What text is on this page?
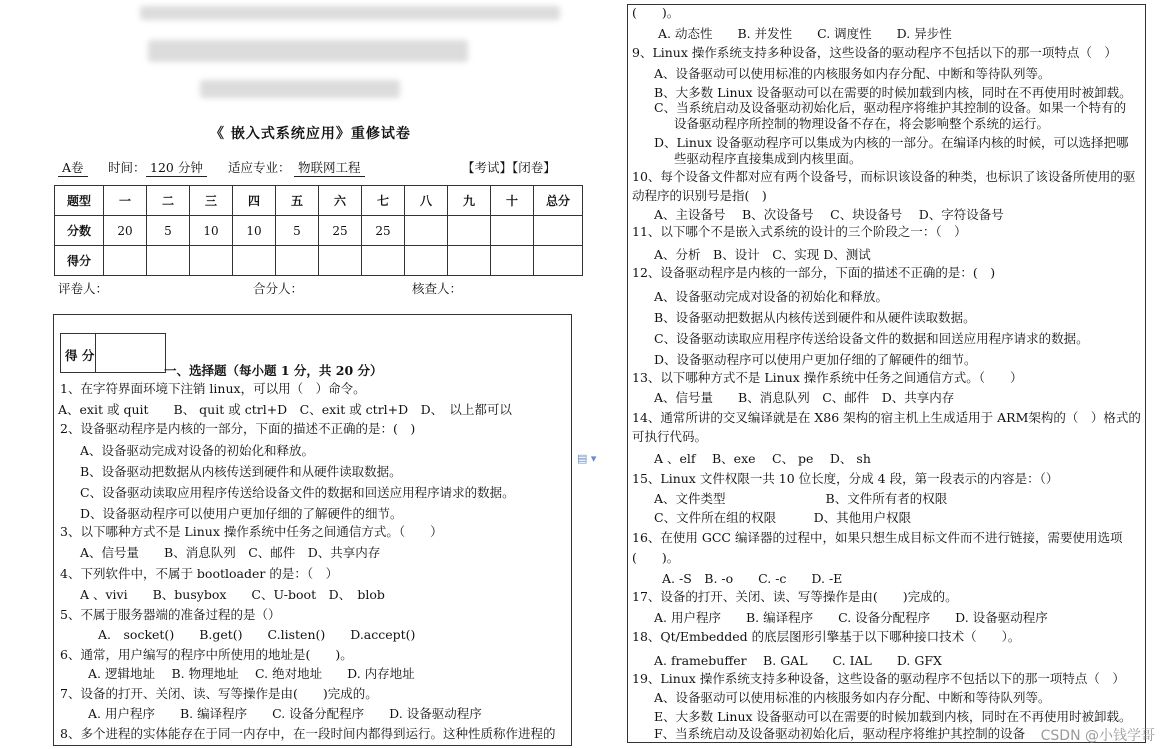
《 嵌入式系统应用》重修试卷
A卷	时间： 120 分钟	适应专业： 物联网工程	【考试】【闭卷】
题型	一	二	三	四	五	六	七	八	九	十	总分
分数	20	5	10	10	5	25	25				
得分											
评卷人：	合分人：	核查人：
得 分
一、选择题（每小题 1 分，共 20 分）
1、在字符界面环境下注销 linux，可以用（　）命令。
A、exit 或 quit　　B、 quit 或 ctrl+D　C、exit 或 ctrl+D　D、　以上都可以
2、设备驱动程序是内核的一部分，下面的描述不正确的是：(　)
A、设备驱动完成对设备的初始化和释放。
B、设备驱动把数据从内核传送到硬件和从硬件读取数据。
C、设备驱动读取应用程序传送给设备文件的数据和回送应用程序请求的数据。
D、设备驱动程序可以使用户更加仔细的了解硬件的细节。
3、以下哪种方式不是 Linux 操作系统中任务之间通信方式。（　　）
A、信号量　　B、消息队列　C、邮件　D、共享内存
4、下列软件中，不属于 bootloader 的是：（　）
A 、vivi　　B、busybox　　C、U-boot　D、　blob
5、不属于服务器端的准备过程的是（）
A.　socket()　　B.get()　　C.listen()　　D.accept()
6、通常，用户编写的程序中所使用的地址是(　　)。
A. 逻辑地址　 B. 物理地址　 C. 绝对地址　　D. 内存地址
7、设备的打开、关闭、读、写等操作是由(　　)完成的。
A. 用户程序　　B. 编译程序　　C. 设备分配程序　　D. 设备驱动程序
8、多个进程的实体能存在于同一内存中，在一段时间内都得到运行。这种性质称作进程的
▤ ▾
(　　)。
A. 动态性　　B. 并发性　　C. 调度性　　D. 异步性
9、Linux 操作系统支持多种设备，这些设备的驱动程序不包括以下的那一项特点（　）
A、设备驱动可以使用标准的内核服务如内存分配、中断和等待队列等。
B、大多数 Linux 设备驱动可以在需要的时候加载到内核，同时在不再使用时被卸载。
C、当系统启动及设备驱动初始化后，驱动程序将维护其控制的设备。如果一个特有的
设备驱动程序所控制的物理设备不存在，将会影响整个系统的运行。
D、Linux 设备驱动程序可以集成为内核的一部分。在编译内核的时候，可以选择把哪
些驱动程序直接集成到内核里面。
10、每个设备文件都对应有两个设备号，而标识该设备的种类，也标识了该设备所使用的驱
动程序的识别号是指(　)
A、主设备号　 B、次设备号　 C、块设备号　 D、字符设备号
11、以下哪个不是嵌入式系统的设计的三个阶段之一：（　）
A、分析　B、设计　C、实现 D、测试
12、设备驱动程序是内核的一部分，下面的描述不正确的是：(　)
A、设备驱动完成对设备的初始化和释放。
B、设备驱动把数据从内核传送到硬件和从硬件读取数据。
C、设备驱动读取应用程序传送给设备文件的数据和回送应用程序请求的数据。
D、设备驱动程序可以使用户更加仔细的了解硬件的细节。
13、以下哪种方式不是 Linux 操作系统中任务之间通信方式。（　　）
A、信号量　　B、消息队列　C、邮件　D、共享内存
14、通常所讲的交叉编译就是在 X86 架构的宿主机上生成适用于 ARM架构的（　）格式的
可执行代码。
A 、elf　 B、exe　 C、 pe　 D、 sh
15、Linux 文件权限一共 10 位长度，分成 4 段，第一段表示的内容是：（）
A、文件类型　　　　　　　　B、文件所有者的权限
C、文件所在组的权限　　　D、其他用户权限
16、在使用 GCC 编译器的过程中，如果只想生成目标文件而不进行链接，需要使用选项
(　　)。
A. -S　B. -o　　C. -c　　D. -E
17、设备的打开、关闭、读、写等操作是由(　　)完成的。
A. 用户程序　　B. 编译程序　　C. 设备分配程序　　D. 设备驱动程序
18、Qt/Embedded 的底层图形引擎基于以下哪种接口技术（　　）。
A. framebuffer　 B. GAL　　C. IAL　　D. GFX
19、Linux 操作系统支持多种设备，这些设备的驱动程序不包括以下的那一项特点（　）
A、设备驱动可以使用标准的内核服务如内存分配、中断和等待队列等。
E、大多数 Linux 设备驱动可以在需要的时候加载到内核，同时在不再使用时被卸载。
F、当系统启动及设备驱动初始化后，驱动程序将维护其控制的设备 CSDN @小钱学哥
